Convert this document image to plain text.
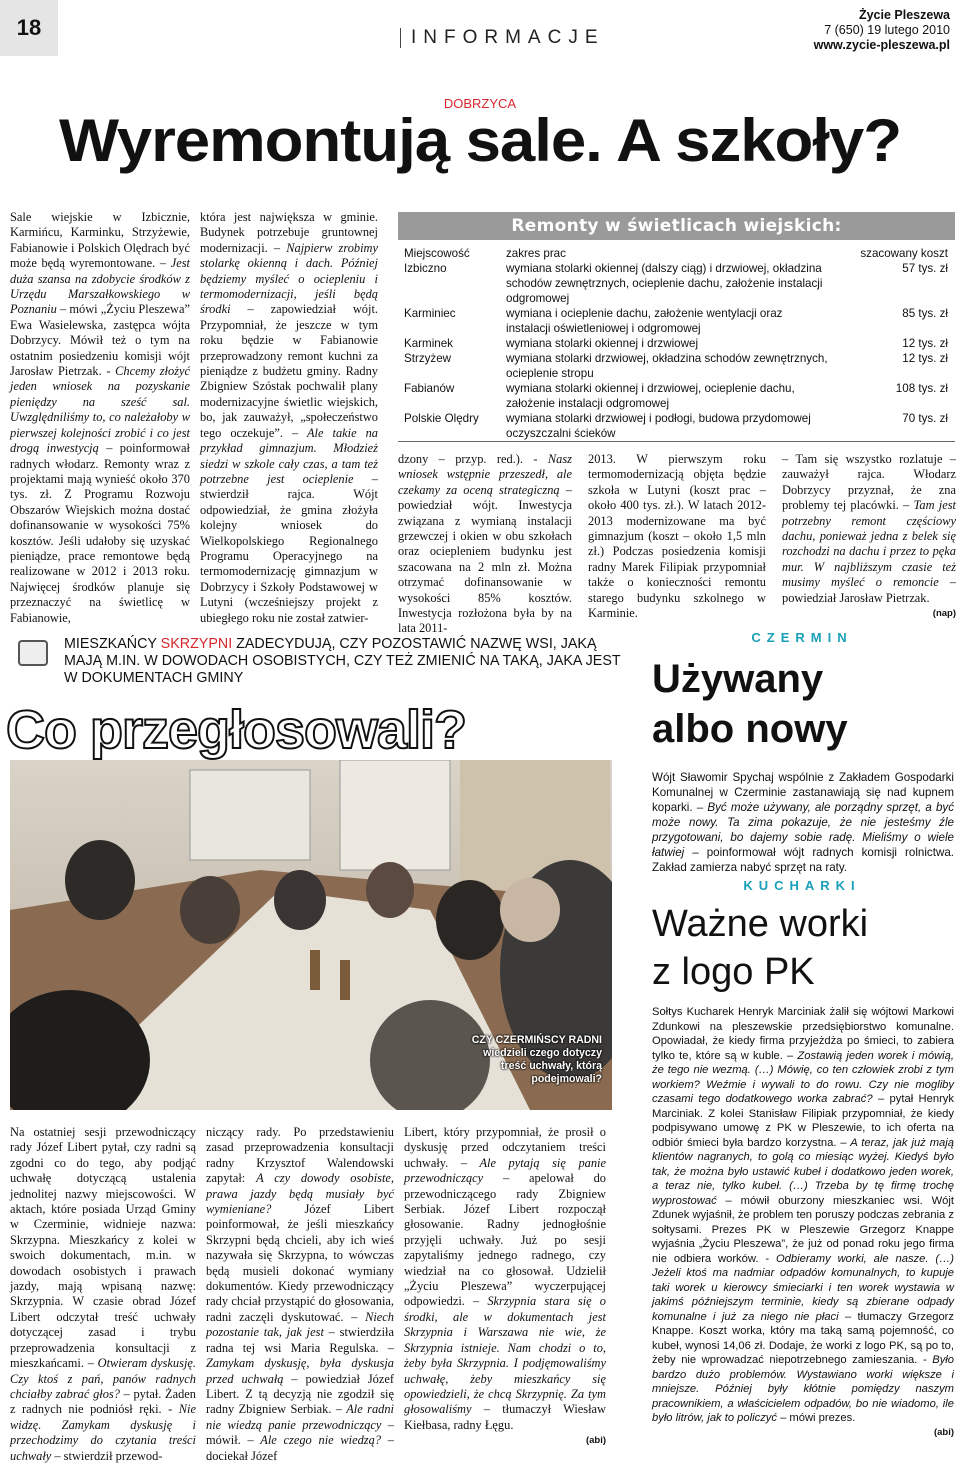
18	INFORMACJE
Życie Pleszewa
7 (650) 19 lutego 2010
www.zycie-pleszewa.pl
DOBRZYCA
Wyremontują sale. A szkoły?
Sale wiejskie w Izbicznie, Karmińcu, Karminku, Strzyżewie, Fabianowie i Polskich Olędrach być może będą wyremontowane. – Jest duża szansa na zdobycie środków z Urzędu Marszałkowskiego w Poznaniu – mówi „Życiu Pleszewa” Ewa Wasielewska, zastępca wójta Dobrzycy. Mówił też o tym na ostatnim posiedzeniu komisji wójt Jarosław Pietrzak. - Chcemy złożyć jeden wniosek na pozyskanie pieniędzy na sześć sal. Uwzględniliśmy to, co należałoby w pierwszej kolejności zrobić i co jest drogą inwestycją – poinformował radnych włodarz. Remonty wraz z projektami mają wynieść około 370 tys. zł. Z Programu Rozwoju Obszarów Wiejskich można dostać dofinansowanie w wysokości 75% kosztów. Jeśli udałoby się uzyskać pieniądze, prace remontowe będą realizowane w 2012 i 2013 roku. Najwięcej środków planuje się przeznaczyć na świetlicę w Fabianowie,
która jest największa w gminie. Budynek potrzebuje gruntownej modernizacji. – Najpierw zrobimy stolarkę okienną i dach. Później będziemy myśleć o ociepleniu i termomodernizacji, jeśli będą środki – zapowiedział wójt. Przypomniał, że jeszcze w tym roku będzie w Fabianowie przeprowadzony remont kuchni za pieniądze z budżetu gminy. Radny Zbigniew Szóstak pochwalił plany modernizacyjne świetlic wiejskich, bo, jak zauważył, „społeczeństwo tego oczekuje”. – Ale takie na przykład gimnazjum. Młodzież siedzi w szkole cały czas, a tam też potrzebne jest ocieplenie – stwierdził rajca. Wójt odpowiedział, że gmina złożyła kolejny wniosek do Wielkopolskiego Regionalnego Programu Operacyjnego na termomodernizację gimnazjum w Dobrzycy i Szkoły Podstawowej w Lutyni (wcześniejszy projekt z ubiegłego roku nie został zatwier-
Remonty w świetlicach wiejskich:
Miejscowość	zakres prac	szacowany koszt
Izbiczno	wymiana stolarki okiennej (dalszy ciąg) i drzwiowej, okładzina schodów zewnętrznych, ocieplenie dachu, założenie instalacji odgromowej	57 tys. zł
Karminiec	wymiana i ocieplenie dachu, założenie wentylacji oraz instalacji oświetleniowej i odgromowej	85 tys. zł
Karminek	wymiana stolarki okiennej i drzwiowej	12 tys. zł
Strzyżew	wymiana stolarki drzwiowej, okładzina schodów zewnętrznych, ocieplenie stropu	12 tys. zł
Fabianów	wymiana stolarki okiennej i drzwiowej, ocieplenie dachu, założenie instalacji odgromowej	108 tys. zł
Polskie Olędry	wymiana stolarki drzwiowej i podłogi, budowa przydomowej oczyszczalni ścieków	70 tys. zł
dzony – przyp. red.). - Nasz wniosek wstępnie przeszedł, ale czekamy za oceną strategiczną – powiedział wójt. Inwestycja związana z wymianą instalacji grzewczej i okien w obu szkołach oraz ociepleniem budynku jest szacowana na 2 mln zł. Można otrzymać dofinansowanie w wysokości 85% kosztów. Inwestycja rozłożona była by na lata 2011-
2013. W pierwszym roku termomodernizacją objęta będzie szkoła w Lutyni (koszt prac – około 400 tys. zł.). W latach 2012-2013 modernizowane ma być gimnazjum (koszt – około 1,5 mln zł.) Podczas posiedzenia komisji radny Marek Filipiak przypomniał także o konieczności remontu starego budynku szkolnego w Karminie.
– Tam się wszystko rozlatuje – zauważył rajca. Włodarz Dobrzycy przyznał, że zna problemy tej placówki. – Tam jest potrzebny remont częściowy dachu, ponieważ jedna z belek się rozchodzi na dachu i przez to pęka mur. W najbliższym czasie też musimy myśleć o remoncie – powiedział Jarosław Pietrzak.
(nap)
MIESZKAŃCY SKRZYPNI ZADECYDUJĄ, CZY POZOSTAWIĆ NAZWĘ WSI, JAKĄ MAJĄ M.IN. W DOWODACH OSOBISTYCH, CZY TEŻ ZMIENIĆ NA TAKĄ, JAKA JEST W DOKUMENTACH GMINY
Co przegłosowali?
CZY CZERMIŃSCY RADNI wiedzieli czego dotyczy treść uchwały, którą podejmowali?
Na ostatniej sesji przewodniczący rady Józef Libert pytał, czy radni są zgodni co do tego, aby podjąć uchwałę dotyczącą ustalenia jednolitej nazwy miejscowości. W aktach, które posiada Urząd Gminy w Czerminie, widnieje nazwa: Skrzypna. Mieszkańcy z kolei w swoich dokumentach, m.in. w dowodach osobistych i prawach jazdy, mają wpisaną nazwę: Skrzypnia. W czasie obrad Józef Libert odczytał treść uchwały dotyczącej zasad i trybu przeprowadzenia konsultacji z mieszkańcami. – Otwieram dyskusję. Czy ktoś z pań, panów radnych chciałby zabrać głos? – pytał. Żaden z radnych nie podniósł ręki. - Nie widzę. Zamykam dyskusję i przechodzimy do czytania treści uchwały – stwierdził przewod-
niczący rady. Po przedstawieniu zasad przeprowadzenia konsultacji radny Krzysztof Walendowski zapytał: A czy dowody osobiste, prawa jazdy będą musiały być wymieniane? Józef Libert poinformował, że jeśli mieszkańcy Skrzypni będą chcieli, aby ich wieś nazywała się Skrzypna, to wówczas będą musieli dokonać wymiany dokumentów. Kiedy przewodniczący rady chciał przystąpić do głosowania, radni zaczęli dyskutować. – Niech pozostanie tak, jak jest – stwierdziła radna tej wsi Maria Regulska. – Zamykam dyskusję, była dyskusja przed uchwałą – powiedział Józef Libert. Z tą decyzją nie zgodził się radny Zbigniew Serbiak. – Ale radni nie wiedzą panie przewodniczący – mówił. – Ale czego nie wiedzą? – dociekał Józef
Libert, który przypomniał, że prosił o dyskusję przed odczytaniem treści uchwały. – Ale pytają się panie przewodniczący – apelował do przewodniczącego rady Zbigniew Serbiak. Józef Libert rozpoczął głosowanie. Radny jednogłośnie przyjęli uchwały. Już po sesji zapytaliśmy jednego radnego, czy wiedział na co głosował. Udzielił „Życiu Pleszewa” wyczerpującej odpowiedzi. – Skrzypnia stara się o środki, ale w dokumentach jest Skrzypnia i Warszawa nie wie, że Skrzypnia istnieje. Nam chodzi o to, żeby była Skrzypnia. I podjęmowaliśmy uchwałę, żeby mieszkańcy się opowiedzieli, że chcą Skrzypnię. Za tym głosowaliśmy – tłumaczył Wiesław Kiełbasa, radny Łęgu.
(abi)
CZERMIN
Używany
albo nowy
Wójt Sławomir Spychaj wspólnie z Zakładem Gospodarki Komunalnej w Czerminie zastanawiają się nad kupnem koparki. – Być może używany, ale porządny sprzęt, a być może nowy. Ta zima pokazuje, że nie jesteśmy źle przygotowani, bo dajemy sobie radę. Mieliśmy o wiele łatwiej – poinformował wójt radnych komisji rolnictwa. Zakład zamierza nabyć sprzęt na raty.
KUCHARKI
Ważne worki
z logo PK
Sołtys Kucharek Henryk Marciniak żalił się wójtowi Markowi Zdunkowi na pleszewskie przedsiębiorstwo komunalne. Opowiadał, że kiedy firma przyjeżdża po śmieci, to zabiera tylko te, które są w kuble. – Zostawią jeden worek i mówią, że tego nie wezmą. (…) Mówię, co ten człowiek zrobi z tym workiem? Weźmie i wywali to do rowu. Czy nie mogliby czasami tego dodatkowego worka zabrać? – pytał Henryk Marciniak. Z kolei Stanisław Filipiak przypomniał, że kiedy podpisywano umowę z PK w Pleszewie, to ich oferta na odbiór śmieci była bardzo korzystna. – A teraz, jak już mają klientów nagranych, to golą co miesiąc wyżej. Kiedyś było tak, że można było ustawić kubeł i dodatkowo jeden worek, a teraz nie, tylko kubeł. (…) Trzeba by tę firmę trochę wyprostować – mówił oburzony mieszkaniec wsi. Wójt Zdunek wyjaśnił, że problem ten poruszy podczas zebrania z sołtysami. Prezes PK w Pleszewie Grzegorz Knappe wyjaśnia „Życiu Pleszewa”, że już od ponad roku jego firma nie odbiera worków. - Odbieramy worki, ale naszе. (…) Jeżeli ktoś ma nadmiar odpadów komunalnych, to kupuje taki worek u kierowcy śmieciarki i ten worek wystawia w jakimś późniejszym terminie, kiedy są zbierane odpady komunalne i już za niego nie płaci – tłumaczy Grzegorz Knappe. Koszt worka, który ma taką samą pojemność, co kubeł, wynosi 14,06 zł. Dodaje, że worki z logo PK, są po to, żeby nie wprowadzać niepotrzebnego zamieszania. - Było bardzo dużo problemów. Wystawiano worki większe i mniejsze. Później były kłótnie pomiędzy naszym pracownikiem, a właścicielem odpadów, bo nie wiadomo, ile było litrów, jak to policzyć – mówi prezes.
(abi)
